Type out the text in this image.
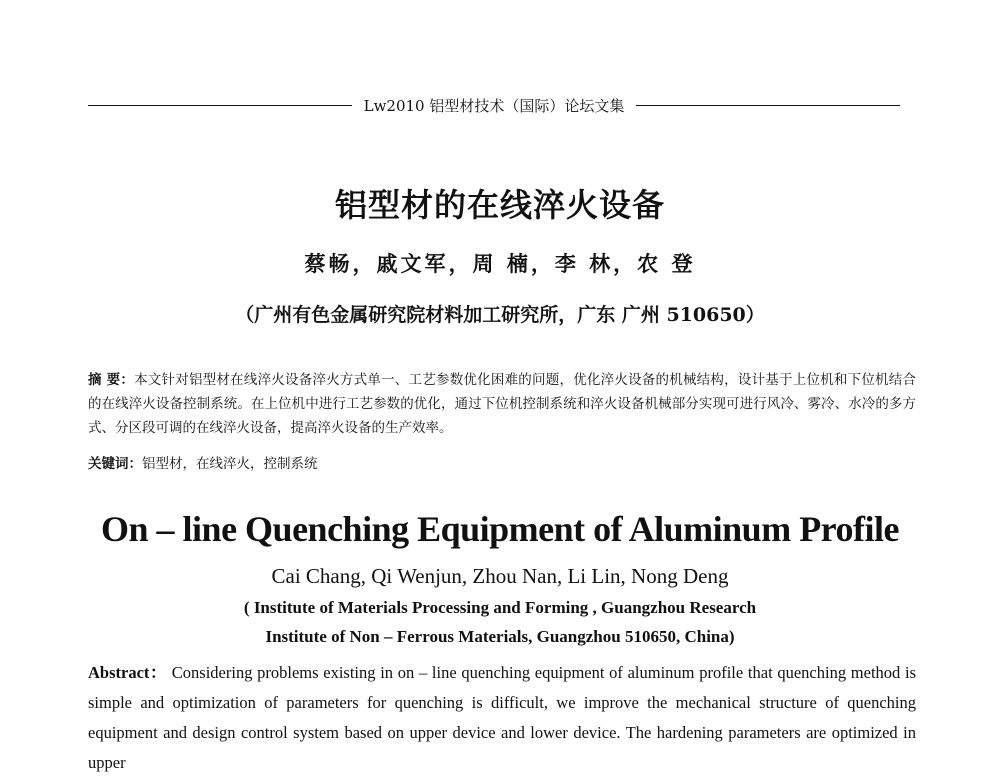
Lw2010 铝型材技术（国际）论坛文集
铝型材的在线淬火设备
蔡畅，戚文军，周 楠，李 林，农 登
（广州有色金属研究院材料加工研究所，广东 广州 510650）
摘 要：本文针对铝型材在线淬火设备淬火方式单一、工艺参数优化困难的问题，优化淬火设备的机械结构，设计基于上位机和下位机结合的在线淬火设备控制系统。在上位机中进行工艺参数的优化，通过下位机控制系统和淬火设备机械部分实现可进行风冷、雾冷、水冷的多方式、分区段可调的在线淬火设备，提高淬火设备的生产效率。
关键词：铝型材，在线淬火，控制系统
On – line Quenching Equipment of Aluminum Profile
Cai Chang, Qi Wenjun, Zhou Nan, Li Lin, Nong Deng
( Institute of Materials Processing and Forming , Guangzhou Research
Institute of Non – Ferrous Materials, Guangzhou 510650, China)
Abstract： Considering problems existing in on – line quenching equipment of aluminum profile that quenching method is simple and optimization of parameters for quenching is difficult, we improve the mechanical structure of quenching equipment and design control system based on upper device and lower device. The hardening parameters are optimized in upper
